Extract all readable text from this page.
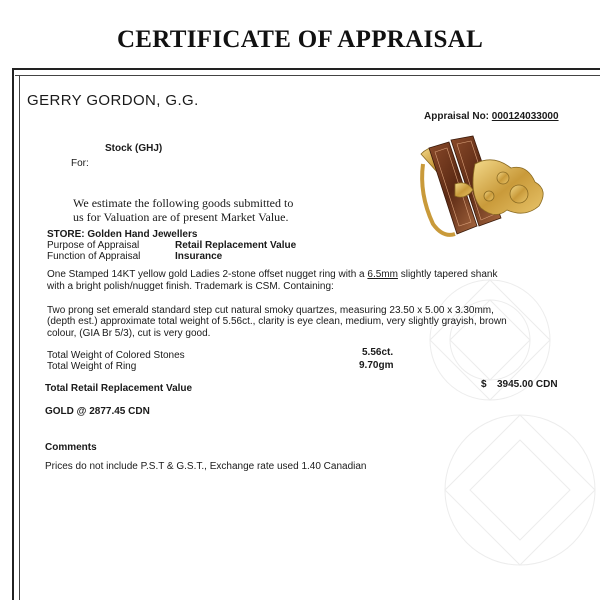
CERTIFICATE OF APPRAISAL
GERRY GORDON, G.G.
Appraisal No: 000124033000
Stock (GHJ)
For:
We estimate the following goods submitted to
us for Valuation are of present Market Value.
STORE: Golden Hand Jewellers
Purpose of Appraisal	Retail Replacement Value
Function of Appraisal	Insurance
One Stamped 14KT yellow gold Ladies 2-stone offset nugget ring with a 6.5mm slightly tapered shank
with a bright polish/nugget finish. Trademark is CSM. Containing:
Two prong set emerald standard step cut natural smoky quartzes, measuring 23.50 x 5.00 x 3.30mm,
(depth est.) approximate total weight of 5.56ct., clarity is eye clean, medium, very slightly grayish, brown
colour, (GIA Br 5/3), cut is very good.
Total Weight of Colored Stones	5.56ct.
Total Weight of Ring	9.70gm
Total Retail Replacement Value	$ 3945.00 CDN
GOLD @ 2877.45 CDN
Comments
Prices do not include P.S.T & G.S.T., Exchange rate used 1.40 Canadian
